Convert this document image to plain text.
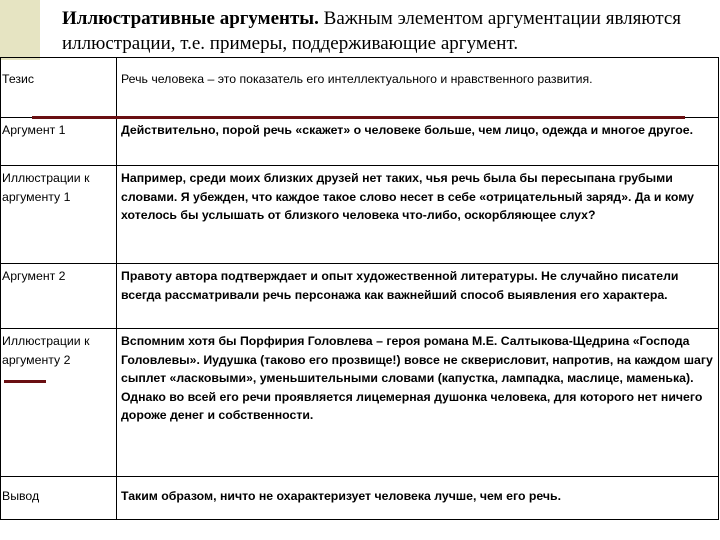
Иллюстративные аргументы. Важным элементом аргументации являются иллюстрации, т.е. примеры, поддерживающие аргумент.
Тезис	Речь человека – это показатель его интеллектуального и нравственного развития.
Аргумент 1	Действительно, порой речь «скажет» о человеке больше, чем лицо, одежда и многое другое.
Иллюстрации к аргументу 1	Например, среди моих близких друзей нет таких, чья речь была бы пересыпана грубыми словами. Я убежден, что каждое такое слово несет в себе «отрицательный заряд». Да и кому хотелось бы услышать от близкого человека что-либо, оскорбляющее слух?
Аргумент 2	Правоту автора подтверждает и опыт художественной литературы. Не случайно писатели всегда рассматривали речь персонажа как важнейший способ выявления его характера.
Иллюстрации к аргументу 2	Вспомним хотя бы Порфирия Головлева – героя романа М.Е. Салтыкова-Щедрина «Господа Головлевы». Иудушка (таково его прозвище!) вовсе не скверисловит, напротив, на каждом шагу сыплет «ласковыми», уменьшительными словами (капустка, лампадка, маслице, маменька). Однако во всей его речи проявляется лицемерная душонка человека, для которого нет ничего дороже денег и собственности.
Вывод	Таким образом, ничто не охарактеризует человека лучше, чем его речь.
